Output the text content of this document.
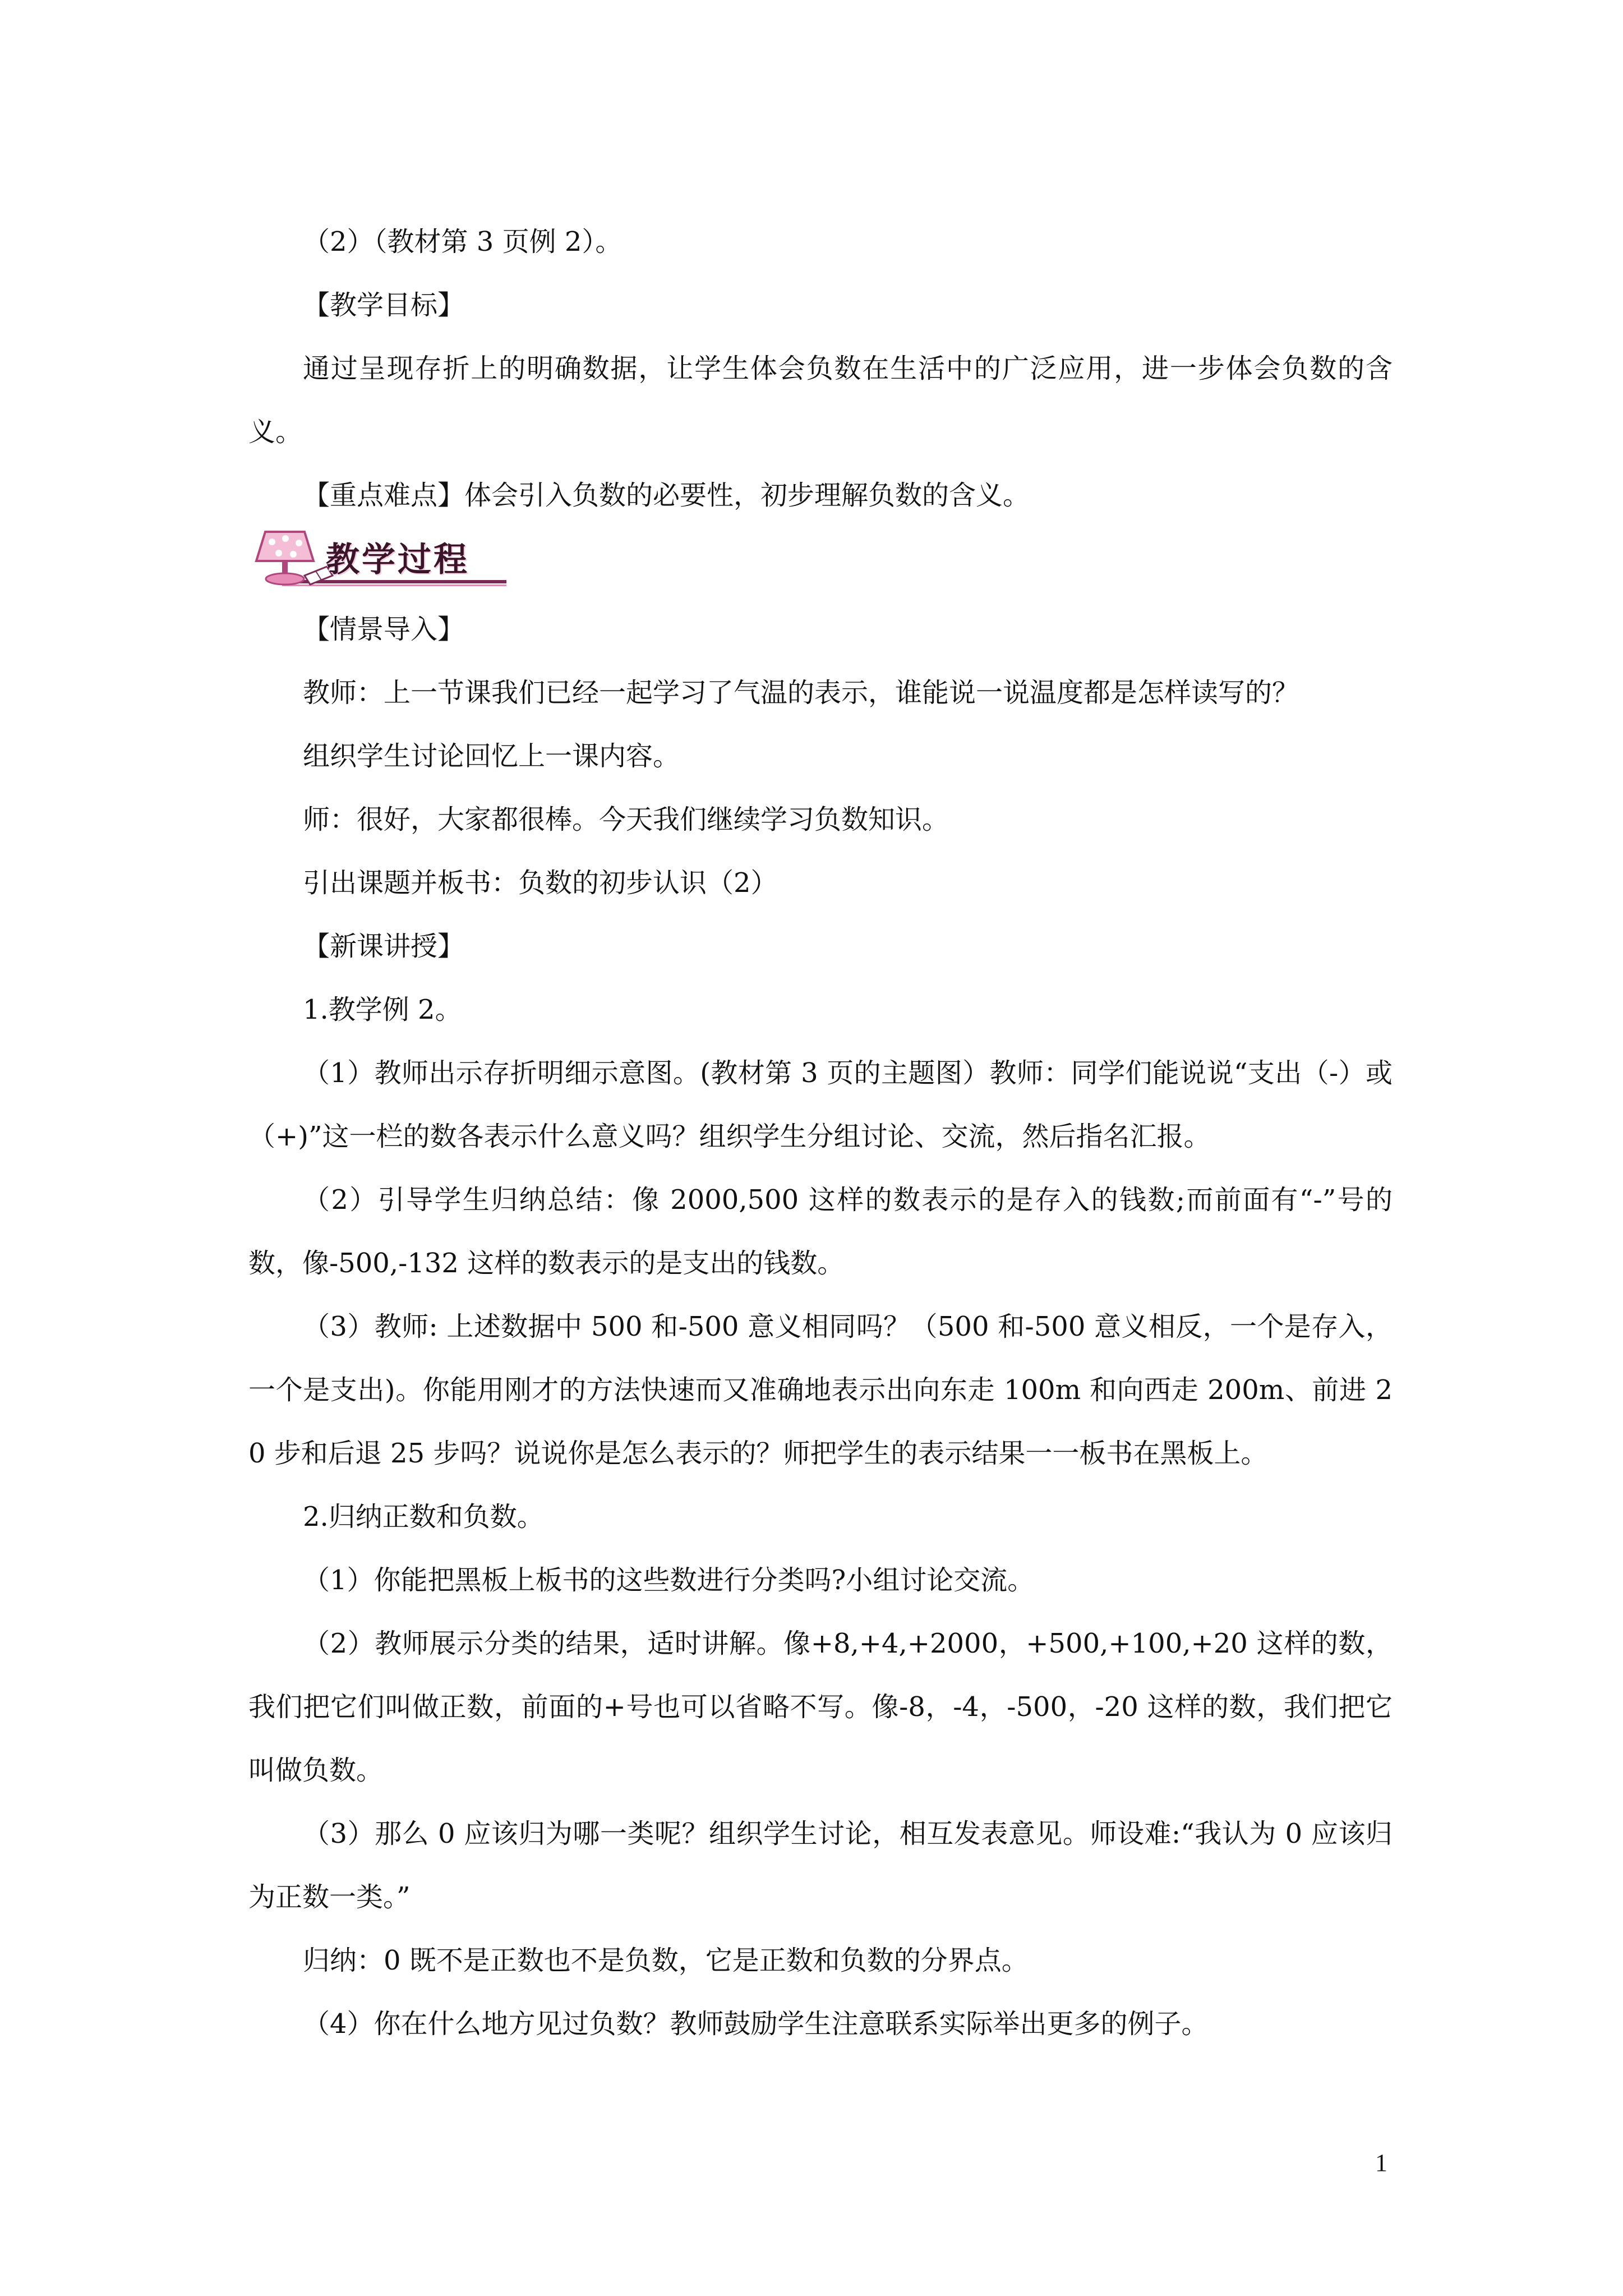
（2）（教材第 3 页例 2）。

【教学目标】

通过呈现存折上的明确数据，让学生体会负数在生活中的广泛应用，进一步体会负数的含义。

【重点难点】体会引入负数的必要性，初步理解负数的含义。

教学过程

【情景导入】

教师：上一节课我们已经一起学习了气温的表示，谁能说一说温度都是怎样读写的？

组织学生讨论回忆上一课内容。

师：很好，大家都很棒。今天我们继续学习负数知识。

引出课题并板书：负数的初步认识（2）

【新课讲授】

1.教学例 2。

（1）教师出示存折明细示意图。(教材第 3 页的主题图）教师：同学们能说说“支出（-）或（+)”这一栏的数各表示什么意义吗？组织学生分组讨论、交流，然后指名汇报。

（2）引导学生归纳总结：像 2000,500 这样的数表示的是存入的钱数;而前面有“-”号的数，像-500,-132 这样的数表示的是支出的钱数。

（3）教师: 上述数据中 500 和-500 意义相同吗？（500 和-500 意义相反，一个是存入，一个是支出)。你能用刚才的方法快速而又准确地表示出向东走 100m 和向西走 200m、前进 20 步和后退 25 步吗？说说你是怎么表示的？师把学生的表示结果一一板书在黑板上。

2.归纳正数和负数。

（1）你能把黑板上板书的这些数进行分类吗?小组讨论交流。

（2）教师展示分类的结果，适时讲解。像+8,+4,+2000，+500,+100,+20 这样的数，我们把它们叫做正数，前面的+号也可以省略不写。像-8，-4，-500，-20 这样的数，我们把它叫做负数。

（3）那么 0 应该归为哪一类呢？组织学生讨论，相互发表意见。师设难:“我认为 0 应该归为正数一类。”

归纳：0 既不是正数也不是负数，它是正数和负数的分界点。

（4）你在什么地方见过负数？教师鼓励学生注意联系实际举出更多的例子。

1
